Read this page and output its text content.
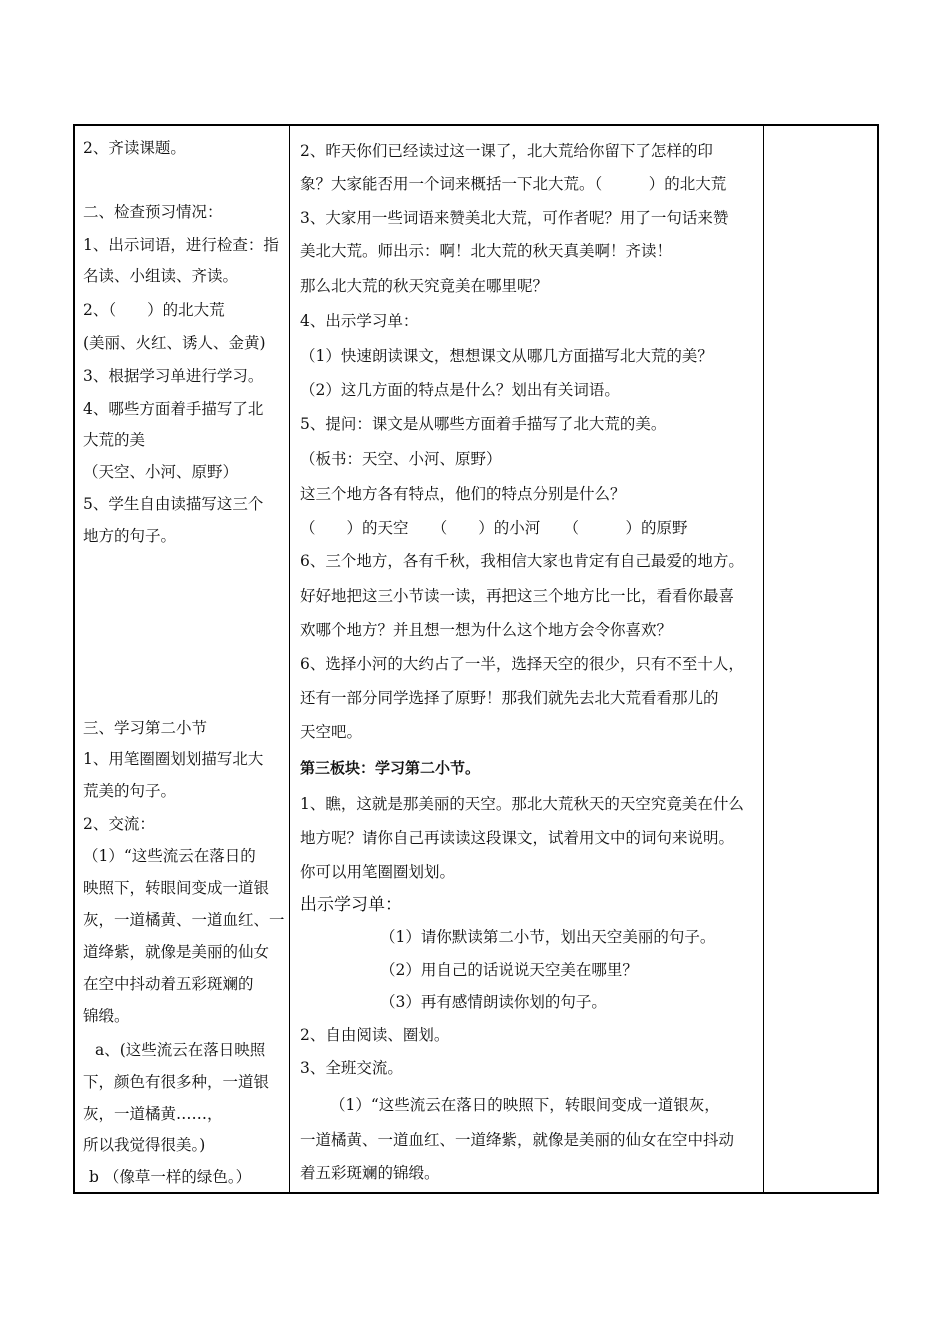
2、齐读课题。
二、检查预习情况：
1、出示词语，进行检查：指
名读、小组读、齐读。
2、（　　）的北大荒
(美丽、火红、诱人、金黄)
3、根据学习单进行学习。
4、哪些方面着手描写了北
大荒的美
（天空、小河、原野）
5、学生自由读描写这三个
地方的句子。
三、学习第二小节
1、用笔圈圈划划描写北大
荒美的句子。
2、交流：
（1）“这些流云在落日的
映照下，转眼间变成一道银
灰，一道橘黄、一道血红、一
道绛紫，就像是美丽的仙女
在空中抖动着五彩斑斓的
锦缎。
a、(这些流云在落日映照
下，颜色有很多种，一道银
灰，一道橘黄……，
所以我觉得很美。)
b （像草一样的绿色。）
2、昨天你们已经读过这一课了，北大荒给你留下了怎样的印
象？大家能否用一个词来概括一下北大荒。（　　　）的北大荒
3、大家用一些词语来赞美北大荒，可作者呢？用了一句话来赞
美北大荒。师出示：啊！北大荒的秋天真美啊！齐读！
那么北大荒的秋天究竟美在哪里呢？
4、出示学习单：
（1）快速朗读课文，想想课文从哪几方面描写北大荒的美？
（2）这几方面的特点是什么？划出有关词语。
5、提问：课文是从哪些方面着手描写了北大荒的美。
（板书：天空、小河、原野）
这三个地方各有特点，他们的特点分别是什么？
（　　）的天空　　（　　）的小河　　（　　　）的原野
6、三个地方，各有千秋，我相信大家也肯定有自己最爱的地方。
好好地把这三小节读一读，再把这三个地方比一比，看看你最喜
欢哪个地方？并且想一想为什么这个地方会令你喜欢？
6、选择小河的大约占了一半，选择天空的很少，只有不至十人，
还有一部分同学选择了原野！那我们就先去北大荒看看那儿的
天空吧。
第三板块：学习第二小节。
1、瞧，这就是那美丽的天空。那北大荒秋天的天空究竟美在什么
地方呢？请你自己再读读这段课文，试着用文中的词句来说明。
你可以用笔圈圈划划。
出示学习单：
（1）请你默读第二小节，划出天空美丽的句子。
（2）用自己的话说说天空美在哪里？
（3）再有感情朗读你划的句子。
2、自由阅读、圈划。
3、全班交流。
（1）“这些流云在落日的映照下，转眼间变成一道银灰，
一道橘黄、一道血红、一道绛紫，就像是美丽的仙女在空中抖动
着五彩斑斓的锦缎。
